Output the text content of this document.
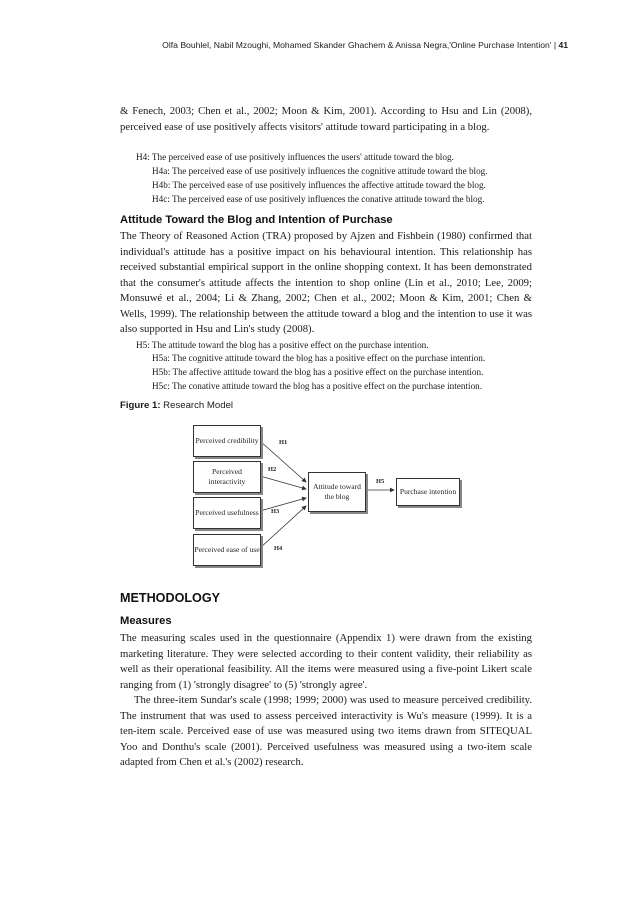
Olfa Bouhlel, Nabil Mzoughi, Mohamed Skander Ghachem & Anissa Negra,'Online Purchase Intention' | 41
& Fenech, 2003; Chen et al., 2002; Moon & Kim, 2001). According to Hsu and Lin (2008), perceived ease of use positively affects visitors' attitude toward participating in a blog.
H4: The perceived ease of use positively influences the users' attitude toward the blog.
H4a: The perceived ease of use positively influences the cognitive attitude toward the blog.
H4b: The perceived ease of use positively influences the affective attitude toward the blog.
H4c: The perceived ease of use positively influences the conative attitude toward the blog.
Attitude Toward the Blog and Intention of Purchase
The Theory of Reasoned Action (TRA) proposed by Ajzen and Fishbein (1980) confirmed that individual's attitude has a positive impact on his behavioural intention. This relationship has received substantial empirical support in the online shopping context. It has been demonstrated that the consumer's attitude affects the intention to shop online (Lin et al., 2010; Lee, 2009; Monsuwé et al., 2004; Li & Zhang, 2002; Chen et al., 2002; Moon & Kim, 2001; Chen & Wells, 1999). The relationship between the attitude toward a blog and the intention to use it was also supported in Hsu and Lin's study (2008).
H5: The attitude toward the blog has a positive effect on the purchase intention.
H5a: The cognitive attitude toward the blog has a positive effect on the purchase intention.
H5b: The affective attitude toward the blog has a positive effect on the purchase intention.
H5c: The conative attitude toward the blog has a positive effect on the purchase intention.
Figure 1: Research Model
Perceived credibility
Perceived interactivity
Perceived usefulness
Perceived ease of use
Attitude toward the blog
Purchase intention
H1
H2
H3
H4
H5
METHODOLOGY
Measures
The measuring scales used in the questionnaire (Appendix 1) were drawn from the existing marketing literature. They were selected according to their content validity, their reliability as well as their operational feasibility. All the items were measured using a five-point Likert scale ranging from (1) 'strongly disagree' to (5) 'strongly agree'.
The three-item Sundar's scale (1998; 1999; 2000) was used to measure perceived credibility. The instrument that was used to assess perceived interactivity is Wu's measure (1999). It is a ten-item scale. Perceived ease of use was measured using two items drawn from SITEQUAL Yoo and Donthu's scale (2001). Perceived usefulness was measured using a two-item scale adapted from Chen et al.'s (2002) research.
